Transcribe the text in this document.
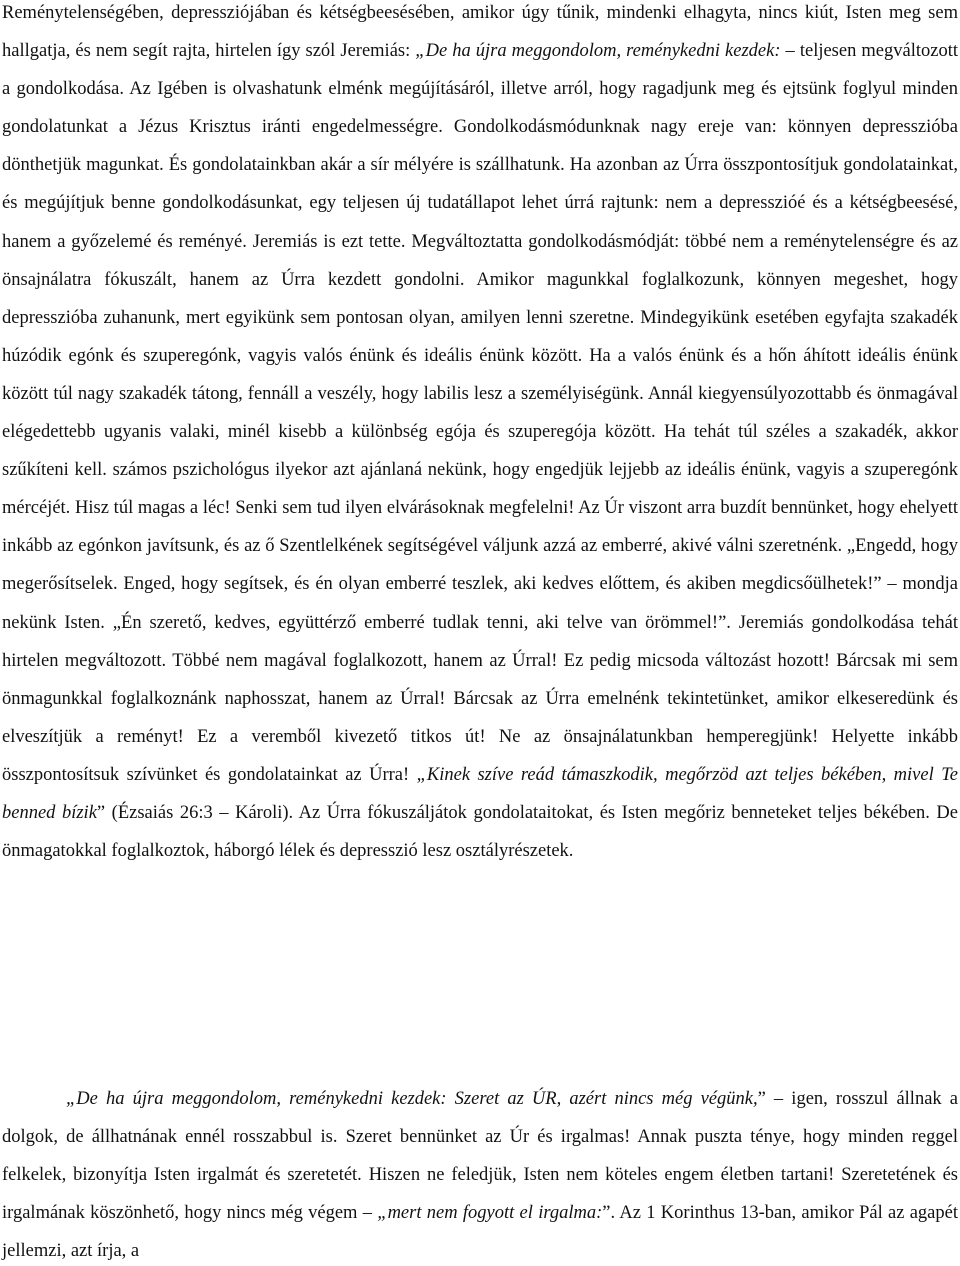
Reménytelenségében, depressziójában és kétségbeesésében, amikor úgy tűnik, mindenki elhagyta, nincs kiút, Isten meg sem hallgatja, és nem segít rajta, hirtelen így szól Jeremiás: „De ha újra meggondolom, reménykedni kezdek: – teljesen megváltozott a gondolkodása. Az Igében is olvashatunk elménk megújításáról, illetve arról, hogy ragadjunk meg és ejtsünk foglyul minden gondolatunkat a Jézus Krisztus iránti engedelmességre. Gondolkodásmódunknak nagy ereje van: könnyen depresszióba dönthetjük magunkat. És gondolatainkban akár a sír mélyére is szállhatunk. Ha azonban az Úrra összpontosítjuk gondolatainkat, és megújítjuk benne gondolkodásunkat, egy teljesen új tudatállapot lehet úrrá rajtunk: nem a depresszióé és a kétségbeesésé, hanem a győzelemé és reményé. Jeremiás is ezt tette. Megváltoztatta gondolkodásmódját: többé nem a reménytelenségre és az önsajnálatra fókuszált, hanem az Úrra kezdett gondolni. Amikor magunkkal foglalkozunk, könnyen megeshet, hogy depresszióba zuhanunk, mert egyikünk sem pontosan olyan, amilyen lenni szeretne. Mindegyikünk esetében egyfajta szakadék húzódik egónk és szuperegónk, vagyis valós énünk és ideális énünk között. Ha a valós énünk és a hőn áhított ideális énünk között túl nagy szakadék tátong, fennáll a veszély, hogy labilis lesz a személyiségünk. Annál kiegyensúlyozottabb és önmagával elégedettebb ugyanis valaki, minél kisebb a különbség egója és szuperegója között. Ha tehát túl széles a szakadék, akkor szűkíteni kell. számos pszichológus ilyekor azt ajánlaná nekünk, hogy engedjük lejjebb az ideális énünk, vagyis a szuperegónk mércéjét. Hisz túl magas a léc! Senki sem tud ilyen elvárásoknak megfelelni! Az Úr viszont arra buzdít bennünket, hogy ehelyett inkább az egónkon javítsunk, és az ő Szentlelkének segítségével váljunk azzá az emberré, akivé válni szeretnénk. „Engedd, hogy megerősítselek. Enged, hogy segítsek, és én olyan emberré teszlek, aki kedves előttem, és akiben megdicsőülhetek!” – mondja nekünk Isten. „Én szerető, kedves, együttérző emberré tudlak tenni, aki telve van örömmel!”. Jeremiás gondolkodása tehát hirtelen megváltozott. Többé nem magával foglalkozott, hanem az Úrral! Ez pedig micsoda változást hozott! Bárcsak mi sem önmagunkkal foglalkoznánk naphosszat, hanem az Úrral! Bárcsak az Úrra emelnénk tekintetünket, amikor elkeseredünk és elveszítjük a reményt! Ez a veremből kivezető titkos út! Ne az önsajnálatunkban hemperegjünk! Helyette inkább összpontosítsuk szívünket és gondolatainkat az Úrra! „Kinek szíve reád támaszkodik, megőrzöd azt teljes békében, mivel Te benned bízik” (Ézsaiás 26:3 – Károli). Az Úrra fókuszáljátok gondolataitokat, és Isten megőriz benneteket teljes békében. De önmagatokkal foglalkoztok, háborgó lélek és depresszió lesz osztályrészetek.

„De ha újra meggondolom, reménykedni kezdek: Szeret az ÚR, azért nincs még végünk,” – igen, rosszul állnak a dolgok, de állhatnának ennél rosszabbul is. Szeret bennünket az Úr és irgalmas! Annak puszta ténye, hogy minden reggel felkelek, bizonyítja Isten irgalmát és szeretetét. Hiszen ne feledjük, Isten nem köteles engem életben tartani! Szeretetének és irgalmának köszönhető, hogy nincs még végem – „mert nem fogyott el irgalma:”. Az 1 Korinthus 13-ban, amikor Pál az agapét jellemzi, azt írja, a
